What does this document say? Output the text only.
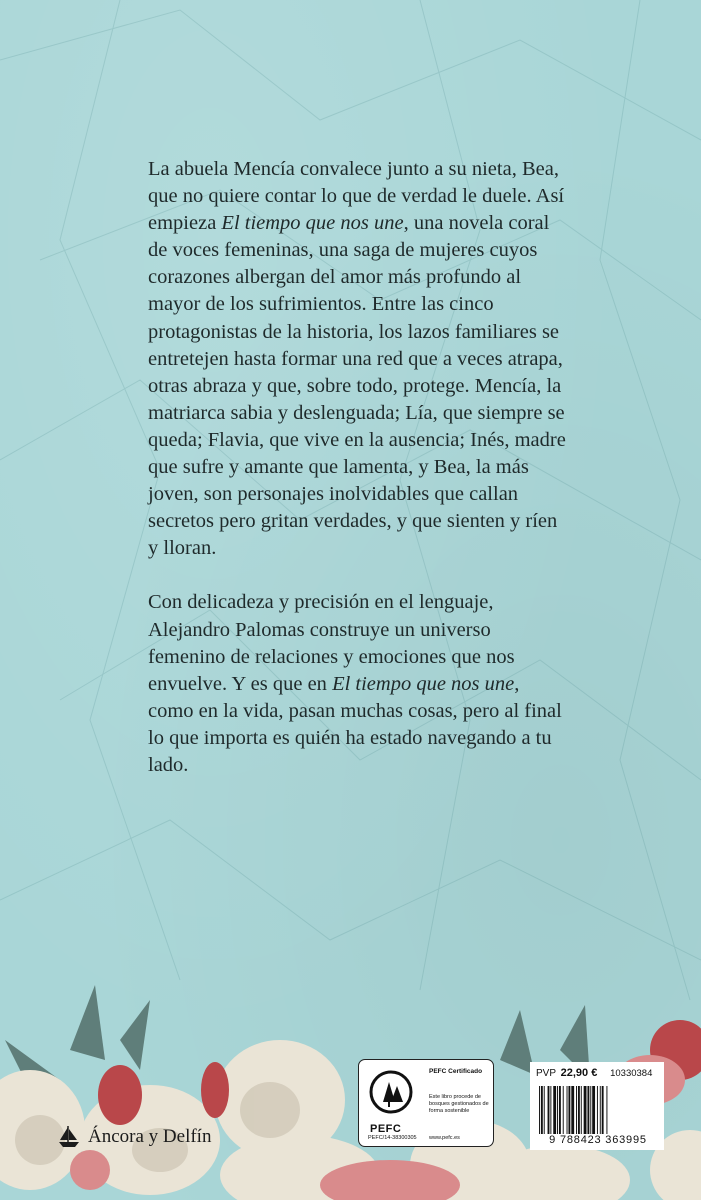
La abuela Mencía convalece junto a su nieta, Bea, que no quiere contar lo que de verdad le duele. Así empieza El tiempo que nos une, una novela coral de voces femeninas, una saga de mujeres cuyos corazones albergan del amor más profundo al mayor de los sufrimientos. Entre las cinco protagonistas de la historia, los lazos familiares se entretejen hasta formar una red que a veces atrapa, otras abraza y que, sobre todo, protege. Mencía, la matriarca sabia y deslenguada; Lía, que siempre se queda; Flavia, que vive en la ausencia; Inés, madre que sufre y amante que lamenta, y Bea, la más joven, son personajes inolvidables que callan secretos pero gritan verdades, y que sienten y ríen y lloran.

Con delicadeza y precisión en el lenguaje, Alejandro Palomas construye un universo femenino de relaciones y emociones que nos envuelve. Y es que en El tiempo que nos une, como en la vida, pasan muchas cosas, pero al final lo que importa es quién ha estado navegando a tu lado.

Áncora y Delfín	PEFC
PEFC/14-38300305
PEFC Certificado
Este libro procede de bosques gestionados de forma sostenible
www.pefc.es
PVP 22,90 € 10330384
9 788423 363995
